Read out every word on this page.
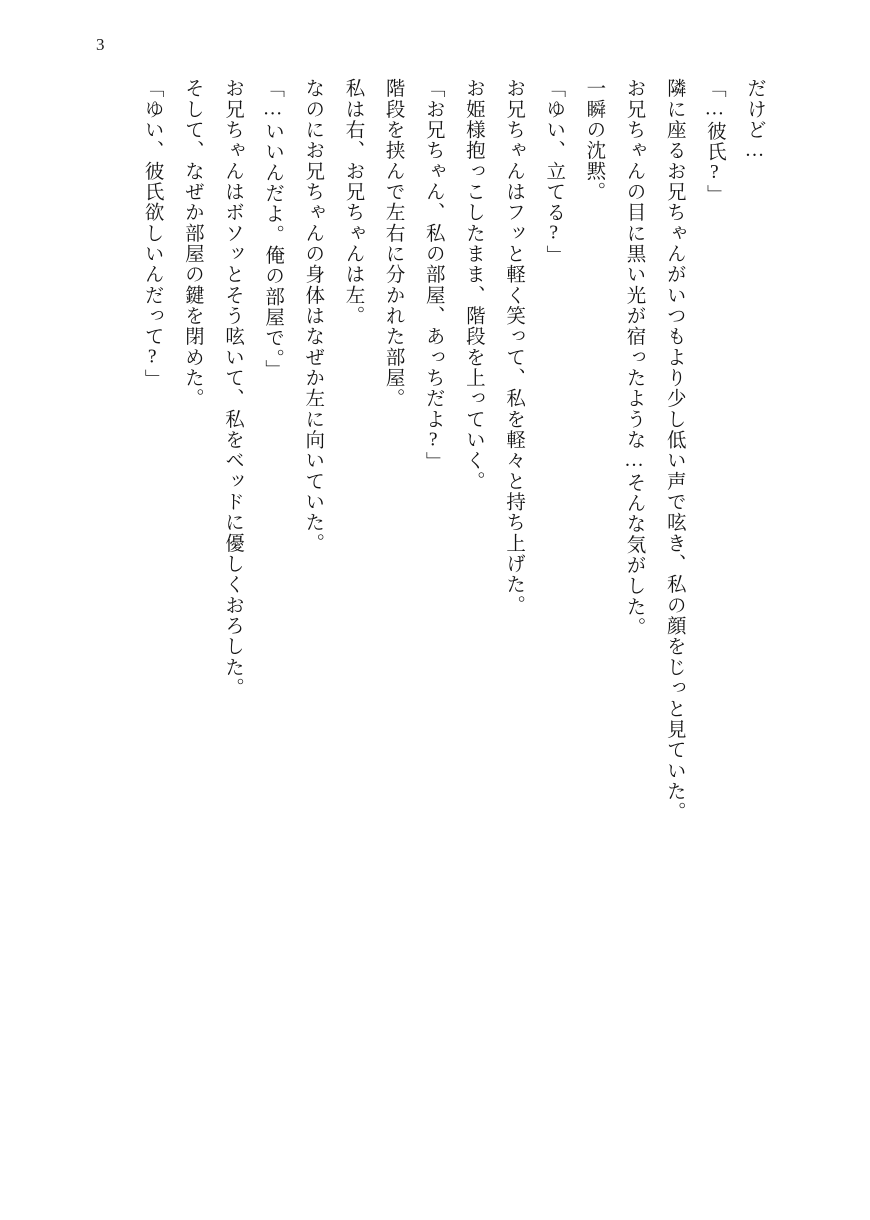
3
だけど…
「…彼氏?」
隣に座るお兄ちゃんがいつもより少し低い声で呟き、私の顔をじっと見ていた。
お兄ちゃんの目に黒い光が宿ったような…そんな気がした。
一瞬の沈黙。
「ゆい、立てる?」
お兄ちゃんはフッと軽く笑って、私を軽々と持ち上げた。
お姫様抱っこしたまま、階段を上っていく。
「お兄ちゃん、私の部屋、あっちだよ?」
階段を挟んで左右に分かれた部屋。
私は右、お兄ちゃんは左。
なのにお兄ちゃんの身体はなぜか左に向いていた。
「…いいんだよ。俺の部屋で。」
お兄ちゃんはボソッとそう呟いて、私をベッドに優しくおろした。
そして、なぜか部屋の鍵を閉めた。
「ゆい、彼氏欲しいんだって?」
